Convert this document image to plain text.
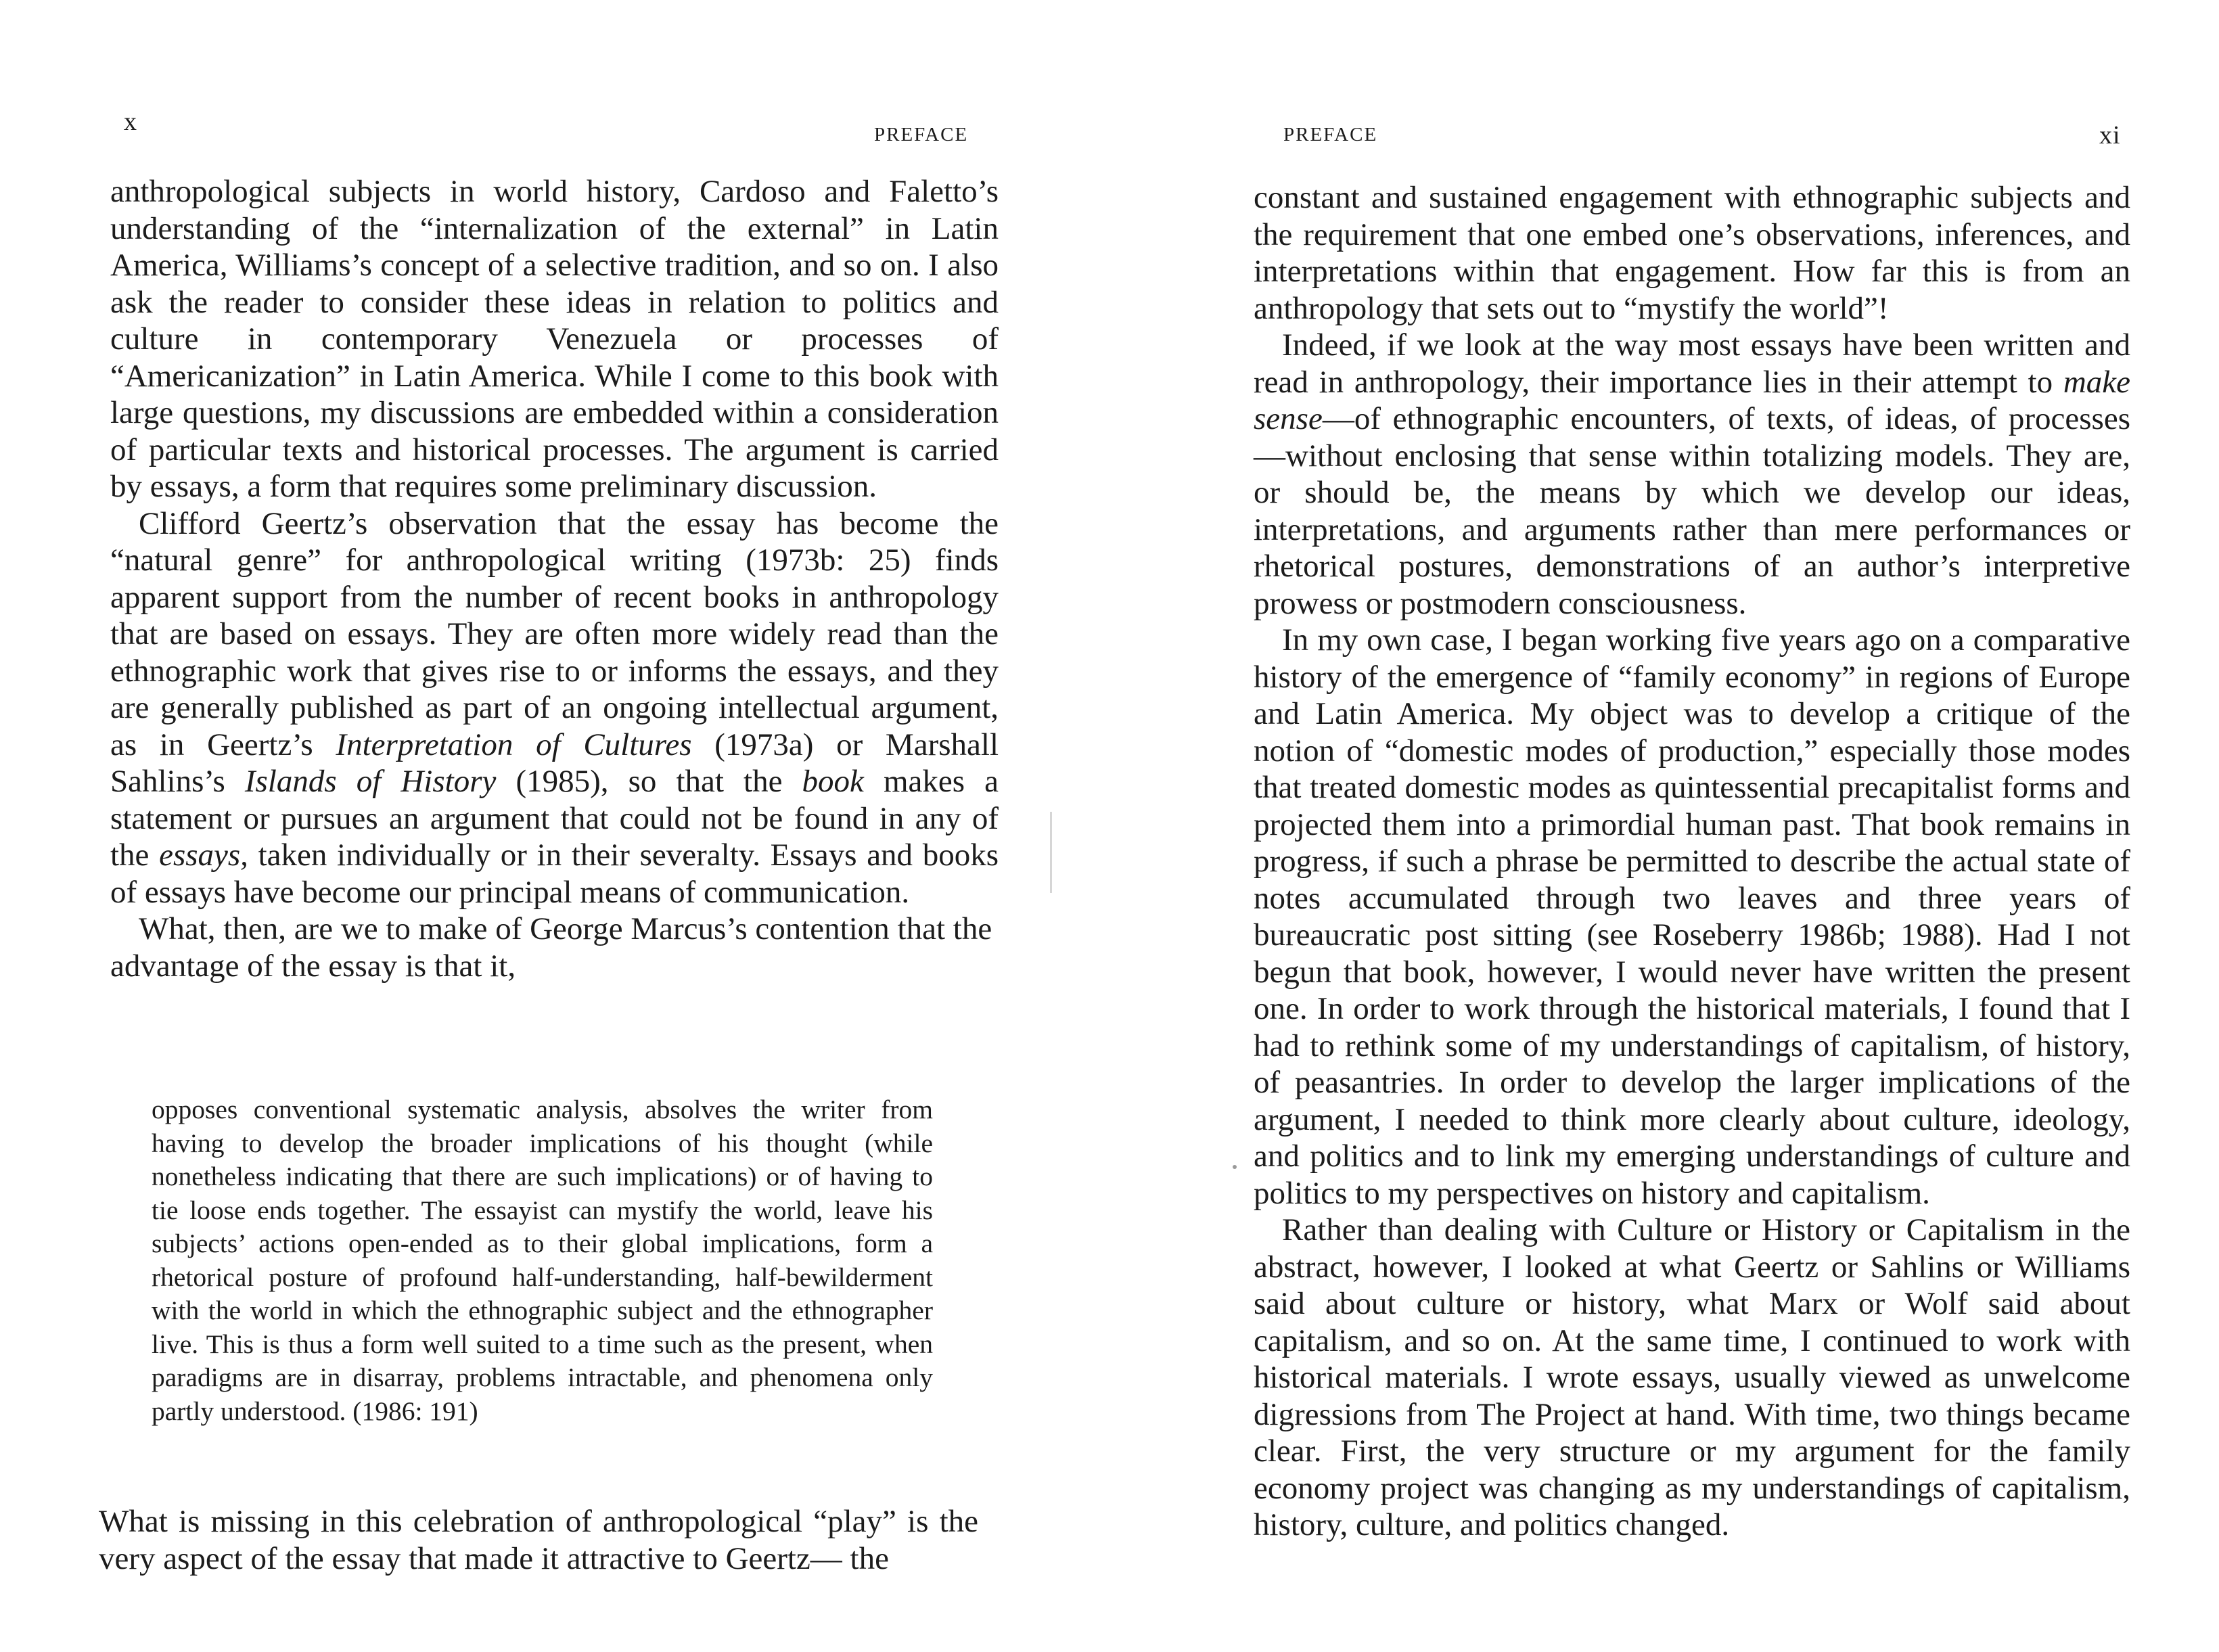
x	PREFACE

anthropological subjects in world history, Cardoso and Faletto’s understanding of the “internalization of the external” in Latin America, Williams’s concept of a selective tradition, and so on. I also ask the reader to consider these ideas in relation to politics and culture in contemporary Venezuela or processes of “Americanization” in Latin America. While I come to this book with large questions, my discussions are embedded within a consideration of particular texts and historical processes. The argument is carried by essays, a form that requires some preliminary discussion.

Clifford Geertz’s observation that the essay has become the “natural genre” for anthropological writing (1973b: 25) finds apparent support from the number of recent books in anthropology that are based on essays. They are often more widely read than the ethnographic work that gives rise to or informs the essays, and they are generally published as part of an ongoing intellectual argument, as in Geertz’s Interpretation of Cultures (1973a) or Marshall Sahlins’s Islands of History (1985), so that the book makes a statement or pursues an argument that could not be found in any of the essays, taken individually or in their severalty. Essays and books of essays have become our principal means of communication.

What, then, are we to make of George Marcus’s contention that the advantage of the essay is that it,

opposes conventional systematic analysis, absolves the writer from having to develop the broader implications of his thought (while nonetheless indicating that there are such implications) or of having to tie loose ends together. The essayist can mystify the world, leave his subjects’ actions open-ended as to their global implications, form a rhetorical posture of profound half-understanding, half-bewilderment with the world in which the ethnographic subject and the ethnographer live. This is thus a form well suited to a time such as the present, when paradigms are in disarray, problems intractable, and phenomena only partly understood. (1986: 191)

What is missing in this celebration of anthropological “play” is the very aspect of the essay that made it attractive to Geertz— the

PREFACE	xi

constant and sustained engagement with ethnographic subjects and the requirement that one embed one’s observations, inferences, and interpretations within that engagement. How far this is from an anthropology that sets out to “mystify the world”!

Indeed, if we look at the way most essays have been written and read in anthropology, their importance lies in their attempt to make sense—of ethnographic encounters, of texts, of ideas, of processes—without enclosing that sense within totalizing models. They are, or should be, the means by which we develop our ideas, interpretations, and arguments rather than mere performances or rhetorical postures, demonstrations of an author’s interpretive prowess or postmodern consciousness.

In my own case, I began working five years ago on a comparative history of the emergence of “family economy” in regions of Europe and Latin America. My object was to develop a critique of the notion of “domestic modes of production,” especially those modes that treated domestic modes as quintessential precapitalist forms and projected them into a primordial human past. That book remains in progress, if such a phrase be permitted to describe the actual state of notes accumulated through two leaves and three years of bureaucratic post sitting (see Roseberry 1986b; 1988). Had I not begun that book, however, I would never have written the present one. In order to work through the historical materials, I found that I had to rethink some of my understandings of capitalism, of history, of peasantries. In order to develop the larger implications of the argument, I needed to think more clearly about culture, ideology, and politics and to link my emerging understandings of culture and politics to my perspectives on history and capitalism.

Rather than dealing with Culture or History or Capitalism in the abstract, however, I looked at what Geertz or Sahlins or Williams said about culture or history, what Marx or Wolf said about capitalism, and so on. At the same time, I continued to work with historical materials. I wrote essays, usually viewed as unwelcome digressions from The Project at hand. With time, two things became clear. First, the very structure or my argument for the family economy project was changing as my understandings of capitalism, history, culture, and politics changed.
